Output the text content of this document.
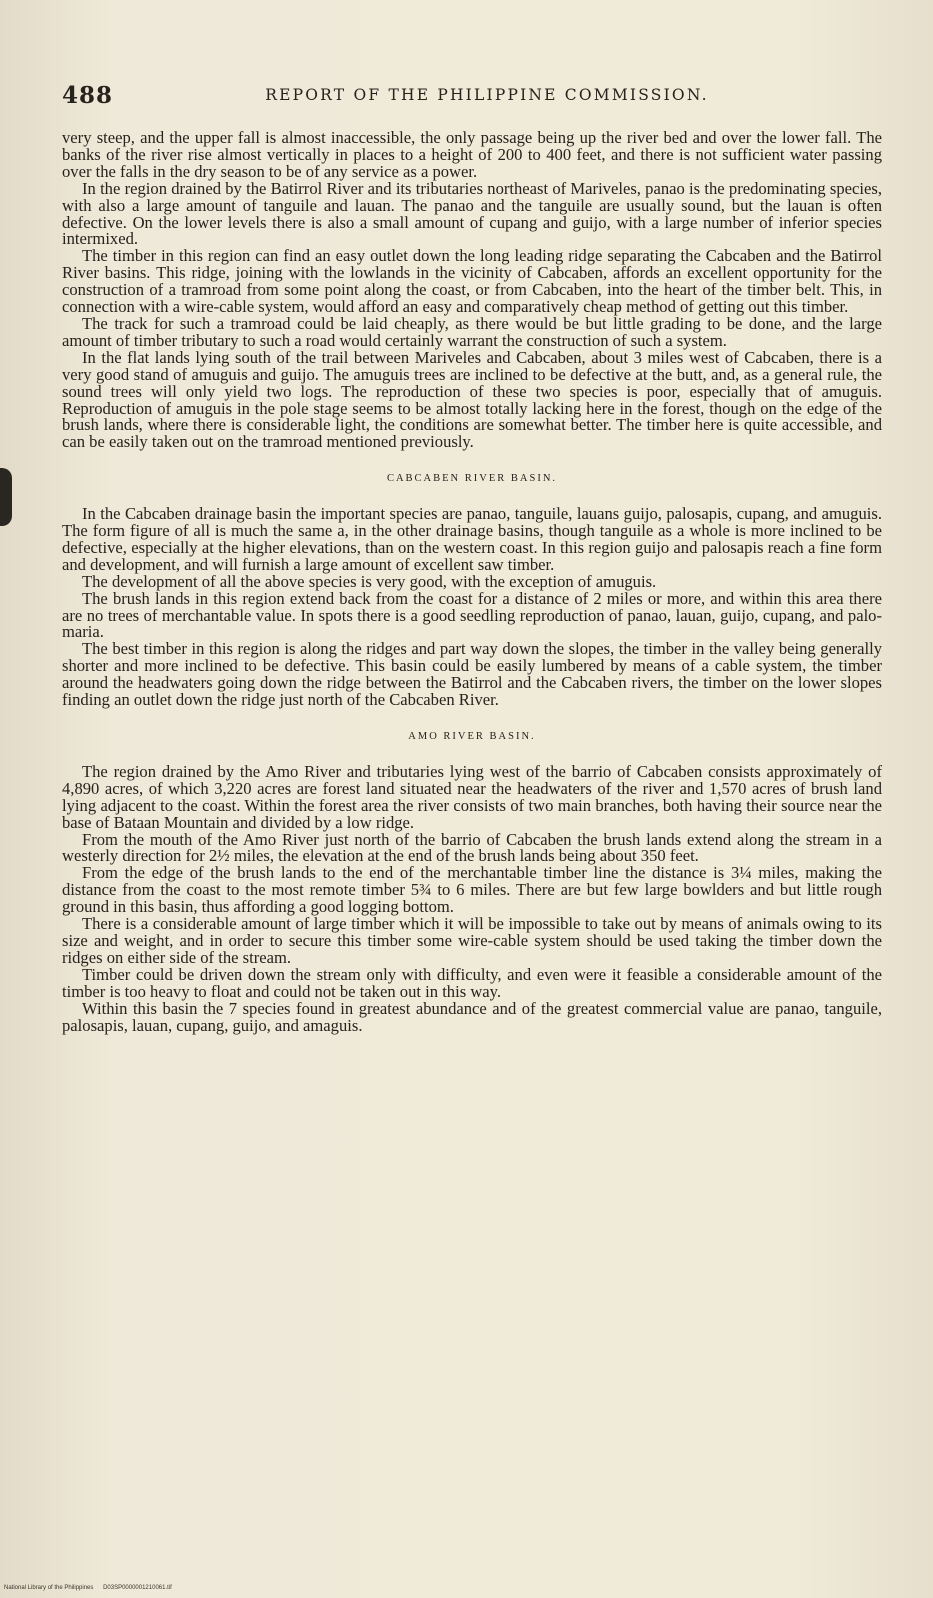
488	REPORT OF THE PHILIPPINE COMMISSION.

very steep, and the upper fall is almost inaccessible, the only passage being up the river bed and over the lower fall. The banks of the river rise almost vertically in places to a height of 200 to 400 feet, and there is not sufficient water passing over the falls in the dry season to be of any service as a power.

In the region drained by the Batirrol River and its tributaries northeast of Mariveles, panao is the predominating species, with also a large amount of tanguile and lauan. The panao and the tanguile are usually sound, but the lauan is often defective. On the lower levels there is also a small amount of cupang and guijo, with a large number of inferior species intermixed.

The timber in this region can find an easy outlet down the long leading ridge separating the Cabcaben and the Batirrol River basins. This ridge, joining with the lowlands in the vicinity of Cabcaben, affords an excellent opportunity for the construction of a tramroad from some point along the coast, or from Cabcaben, into the heart of the timber belt. This, in connection with a wire-cable system, would afford an easy and comparatively cheap method of getting out this timber.

The track for such a tramroad could be laid cheaply, as there would be but little grading to be done, and the large amount of timber tributary to such a road would certainly warrant the construction of such a system.

In the flat lands lying south of the trail between Mariveles and Cabcaben, about 3 miles west of Cabcaben, there is a very good stand of amuguis and guijo. The amuguis trees are inclined to be defective at the butt, and, as a general rule, the sound trees will only yield two logs. The reproduction of these two species is poor, especially that of amuguis. Reproduction of amuguis in the pole stage seems to be almost totally lacking here in the forest, though on the edge of the brush lands, where there is considerable light, the conditions are somewhat better. The timber here is quite accessible, and can be easily taken out on the tramroad mentioned previously.

CABCABEN RIVER BASIN.

In the Cabcaben drainage basin the important species are panao, tanguile, lauans guijo, palosapis, cupang, and amuguis. The form figure of all is much the same a, in the other drainage basins, though tanguile as a whole is more inclined to be defective, especially at the higher elevations, than on the western coast. In this region guijo and palosapis reach a fine form and development, and will furnish a large amount of excellent saw timber.

The development of all the above species is very good, with the exception of amuguis.

The brush lands in this region extend back from the coast for a distance of 2 miles or more, and within this area there are no trees of merchantable value. In spots there is a good seedling reproduction of panao, lauan, guijo, cupang, and palo-maria.

The best timber in this region is along the ridges and part way down the slopes, the timber in the valley being generally shorter and more inclined to be defective. This basin could be easily lumbered by means of a cable system, the timber around the headwaters going down the ridge between the Batirrol and the Cabcaben rivers, the timber on the lower slopes finding an outlet down the ridge just north of the Cabcaben River.

AMO RIVER BASIN.

The region drained by the Amo River and tributaries lying west of the barrio of Cabcaben consists approximately of 4,890 acres, of which 3,220 acres are forest land situated near the headwaters of the river and 1,570 acres of brush land lying adjacent to the coast. Within the forest area the river consists of two main branches, both having their source near the base of Bataan Mountain and divided by a low ridge.

From the mouth of the Amo River just north of the barrio of Cabcaben the brush lands extend along the stream in a westerly direction for 2½ miles, the elevation at the end of the brush lands being about 350 feet.

From the edge of the brush lands to the end of the merchantable timber line the distance is 3¼ miles, making the distance from the coast to the most remote timber 5¾ to 6 miles. There are but few large bowlders and but little rough ground in this basin, thus affording a good logging bottom.

There is a considerable amount of large timber which it will be impossible to take out by means of animals owing to its size and weight, and in order to secure this timber some wire-cable system should be used taking the timber down the ridges on either side of the stream.

Timber could be driven down the stream only with difficulty, and even were it feasible a considerable amount of the timber is too heavy to float and could not be taken out in this way.

Within this basin the 7 species found in greatest abundance and of the greatest commercial value are panao, tanguile, palosapis, lauan, cupang, guijo, and amaguis.

National Library of the Philippines D03SP0000001210061.tif
